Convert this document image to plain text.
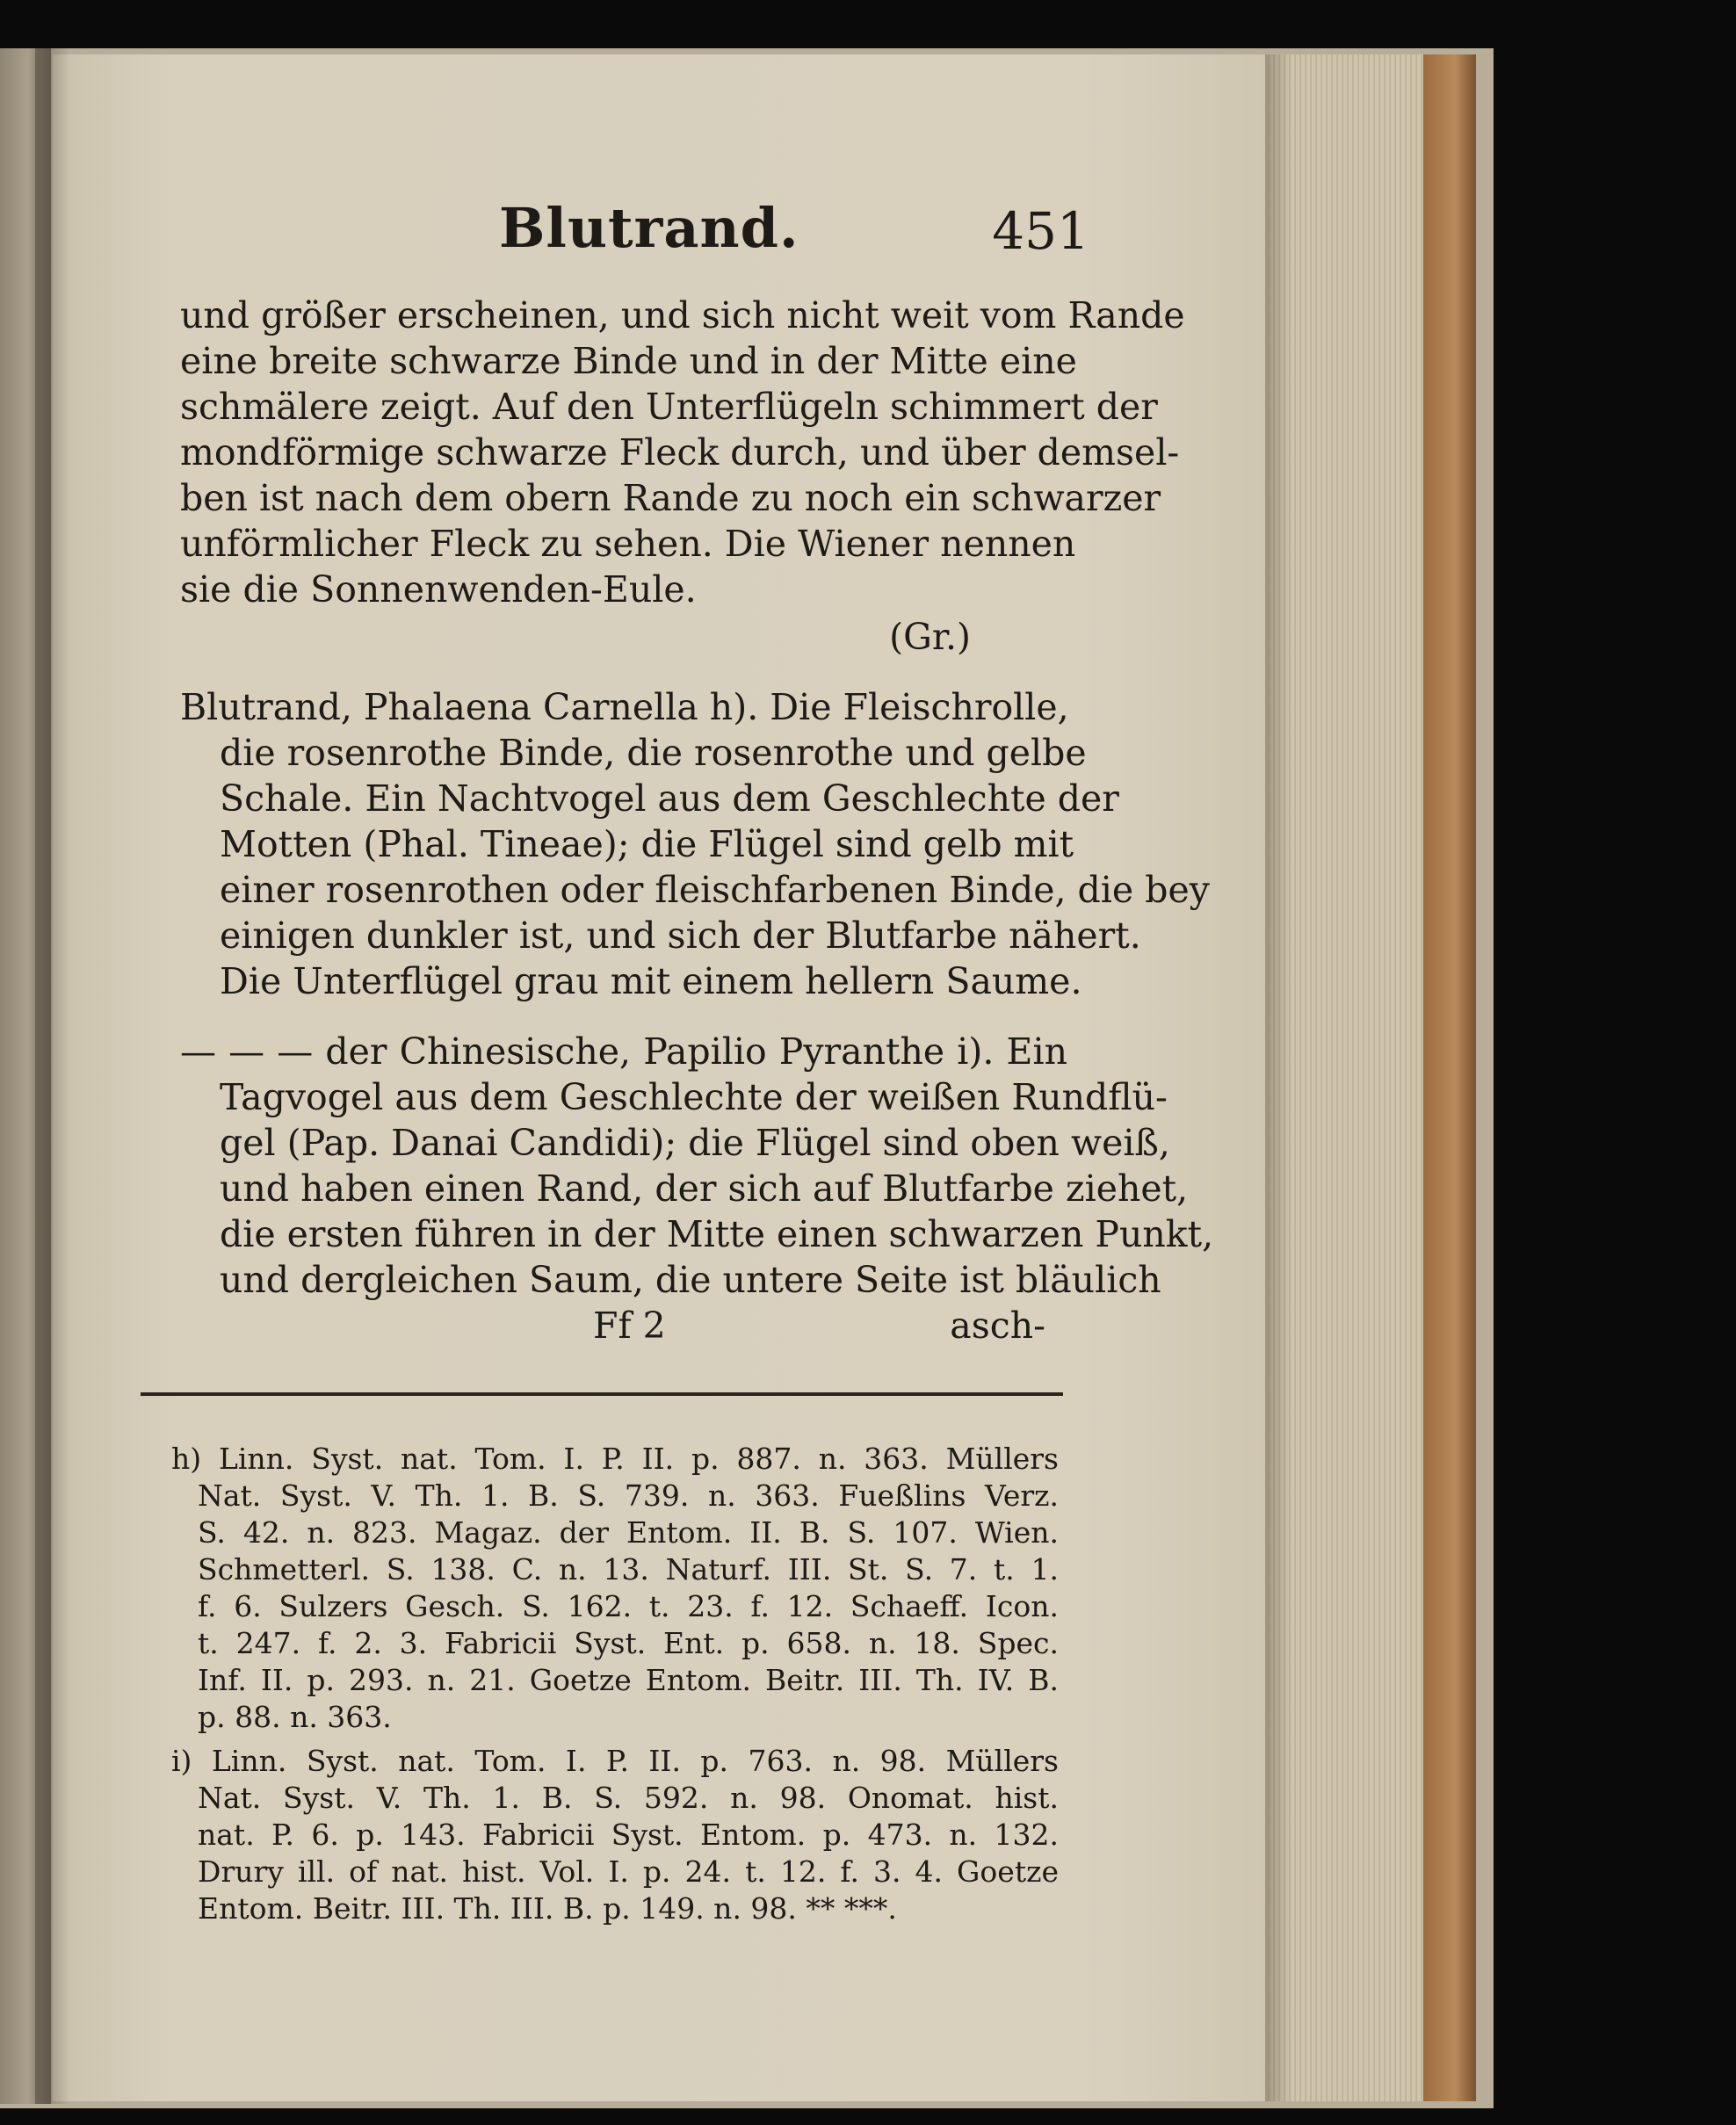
Blutrand.	451
und größer erscheinen, und sich nicht weit vom Rande
eine breite schwarze Binde und in der Mitte eine
schmälere zeigt. Auf den Unterflügeln schimmert der
mondförmige schwarze Fleck durch, und über demsel-
ben ist nach dem obern Rande zu noch ein schwarzer
unförmlicher Fleck zu sehen. Die Wiener nennen
sie die Sonnenwenden-Eule.
(Gr.)
Blutrand, Phalaena Carnella h). Die Fleischrolle,
die rosenrothe Binde, die rosenrothe und gelbe
Schale. Ein Nachtvogel aus dem Geschlechte der
Motten (Phal. Tineae); die Flügel sind gelb mit
einer rosenrothen oder fleischfarbenen Binde, die bey
einigen dunkler ist, und sich der Blutfarbe nähert.
Die Unterflügel grau mit einem hellern Saume.
— — — der Chinesische, Papilio Pyranthe i). Ein
Tagvogel aus dem Geschlechte der weißen Rundflü-
gel (Pap. Danai Candidi); die Flügel sind oben weiß,
und haben einen Rand, der sich auf Blutfarbe ziehet,
die ersten führen in der Mitte einen schwarzen Punkt,
und dergleichen Saum, die untere Seite ist bläulich
Ff 2	asch-
h) Linn. Syst. nat. Tom. I. P. II. p. 887. n. 363. Müllers
Nat. Syst. V. Th. 1. B. S. 739. n. 363. Fueßlins Verz.
S. 42. n. 823. Magaz. der Entom. II. B. S. 107. Wien.
Schmetterl. S. 138. C. n. 13. Naturf. III. St. S. 7. t. 1.
f. 6. Sulzers Gesch. S. 162. t. 23. f. 12. Schaeff. Icon.
t. 247. f. 2. 3. Fabricii Syst. Ent. p. 658. n. 18. Spec.
Inf. II. p. 293. n. 21. Goetze Entom. Beitr. III. Th. IV. B.
p. 88. n. 363.
i) Linn. Syst. nat. Tom. I. P. II. p. 763. n. 98. Müllers
Nat. Syst. V. Th. 1. B. S. 592. n. 98. Onomat. hist.
nat. P. 6. p. 143. Fabricii Syst. Entom. p. 473. n. 132.
Drury ill. of nat. hist. Vol. I. p. 24. t. 12. f. 3. 4. Goetze
Entom. Beitr. III. Th. III. B. p. 149. n. 98. ** ***.
